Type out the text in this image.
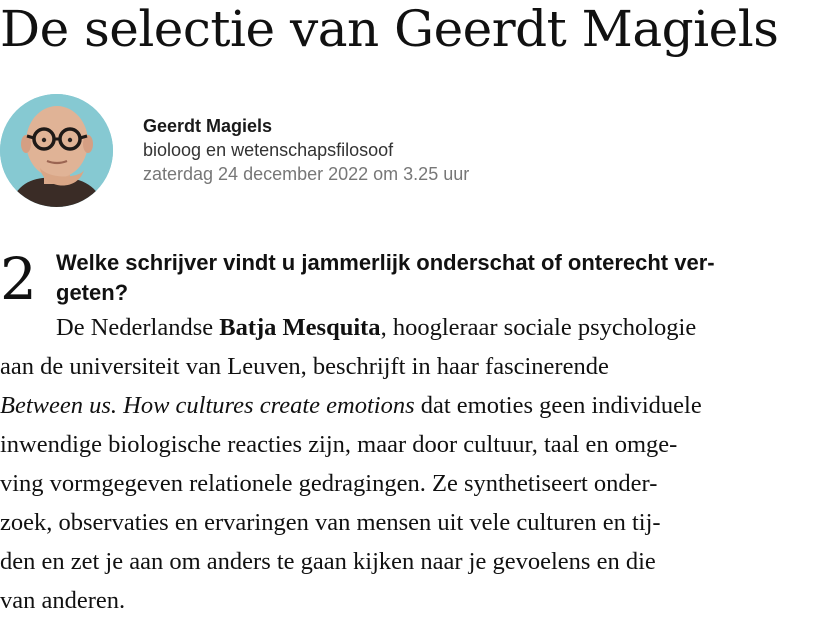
De selectie van Geerdt Magiels
Geerdt Magiels
bioloog en wetenschapsfilosoof
zaterdag 24 december 2022 om 3.25 uur
2 Welke schrijver vindt u jammerlijk onderschat of onterecht ver-
geten?
De Nederlandse Batja Mesquita, hoogleraar sociale psychologie
aan de universiteit van Leuven, beschrijft in haar fascinerende
Between us. How cultures create emotions dat emoties geen individuele
inwendige biologische reacties zijn, maar door cultuur, taal en omge-
ving vormgegeven relationele gedragingen. Ze synthetiseert onder-
zoek, observaties en ervaringen van mensen uit vele culturen en tij-
den en zet je aan om anders te gaan kijken naar je gevoelens en die
van anderen.
